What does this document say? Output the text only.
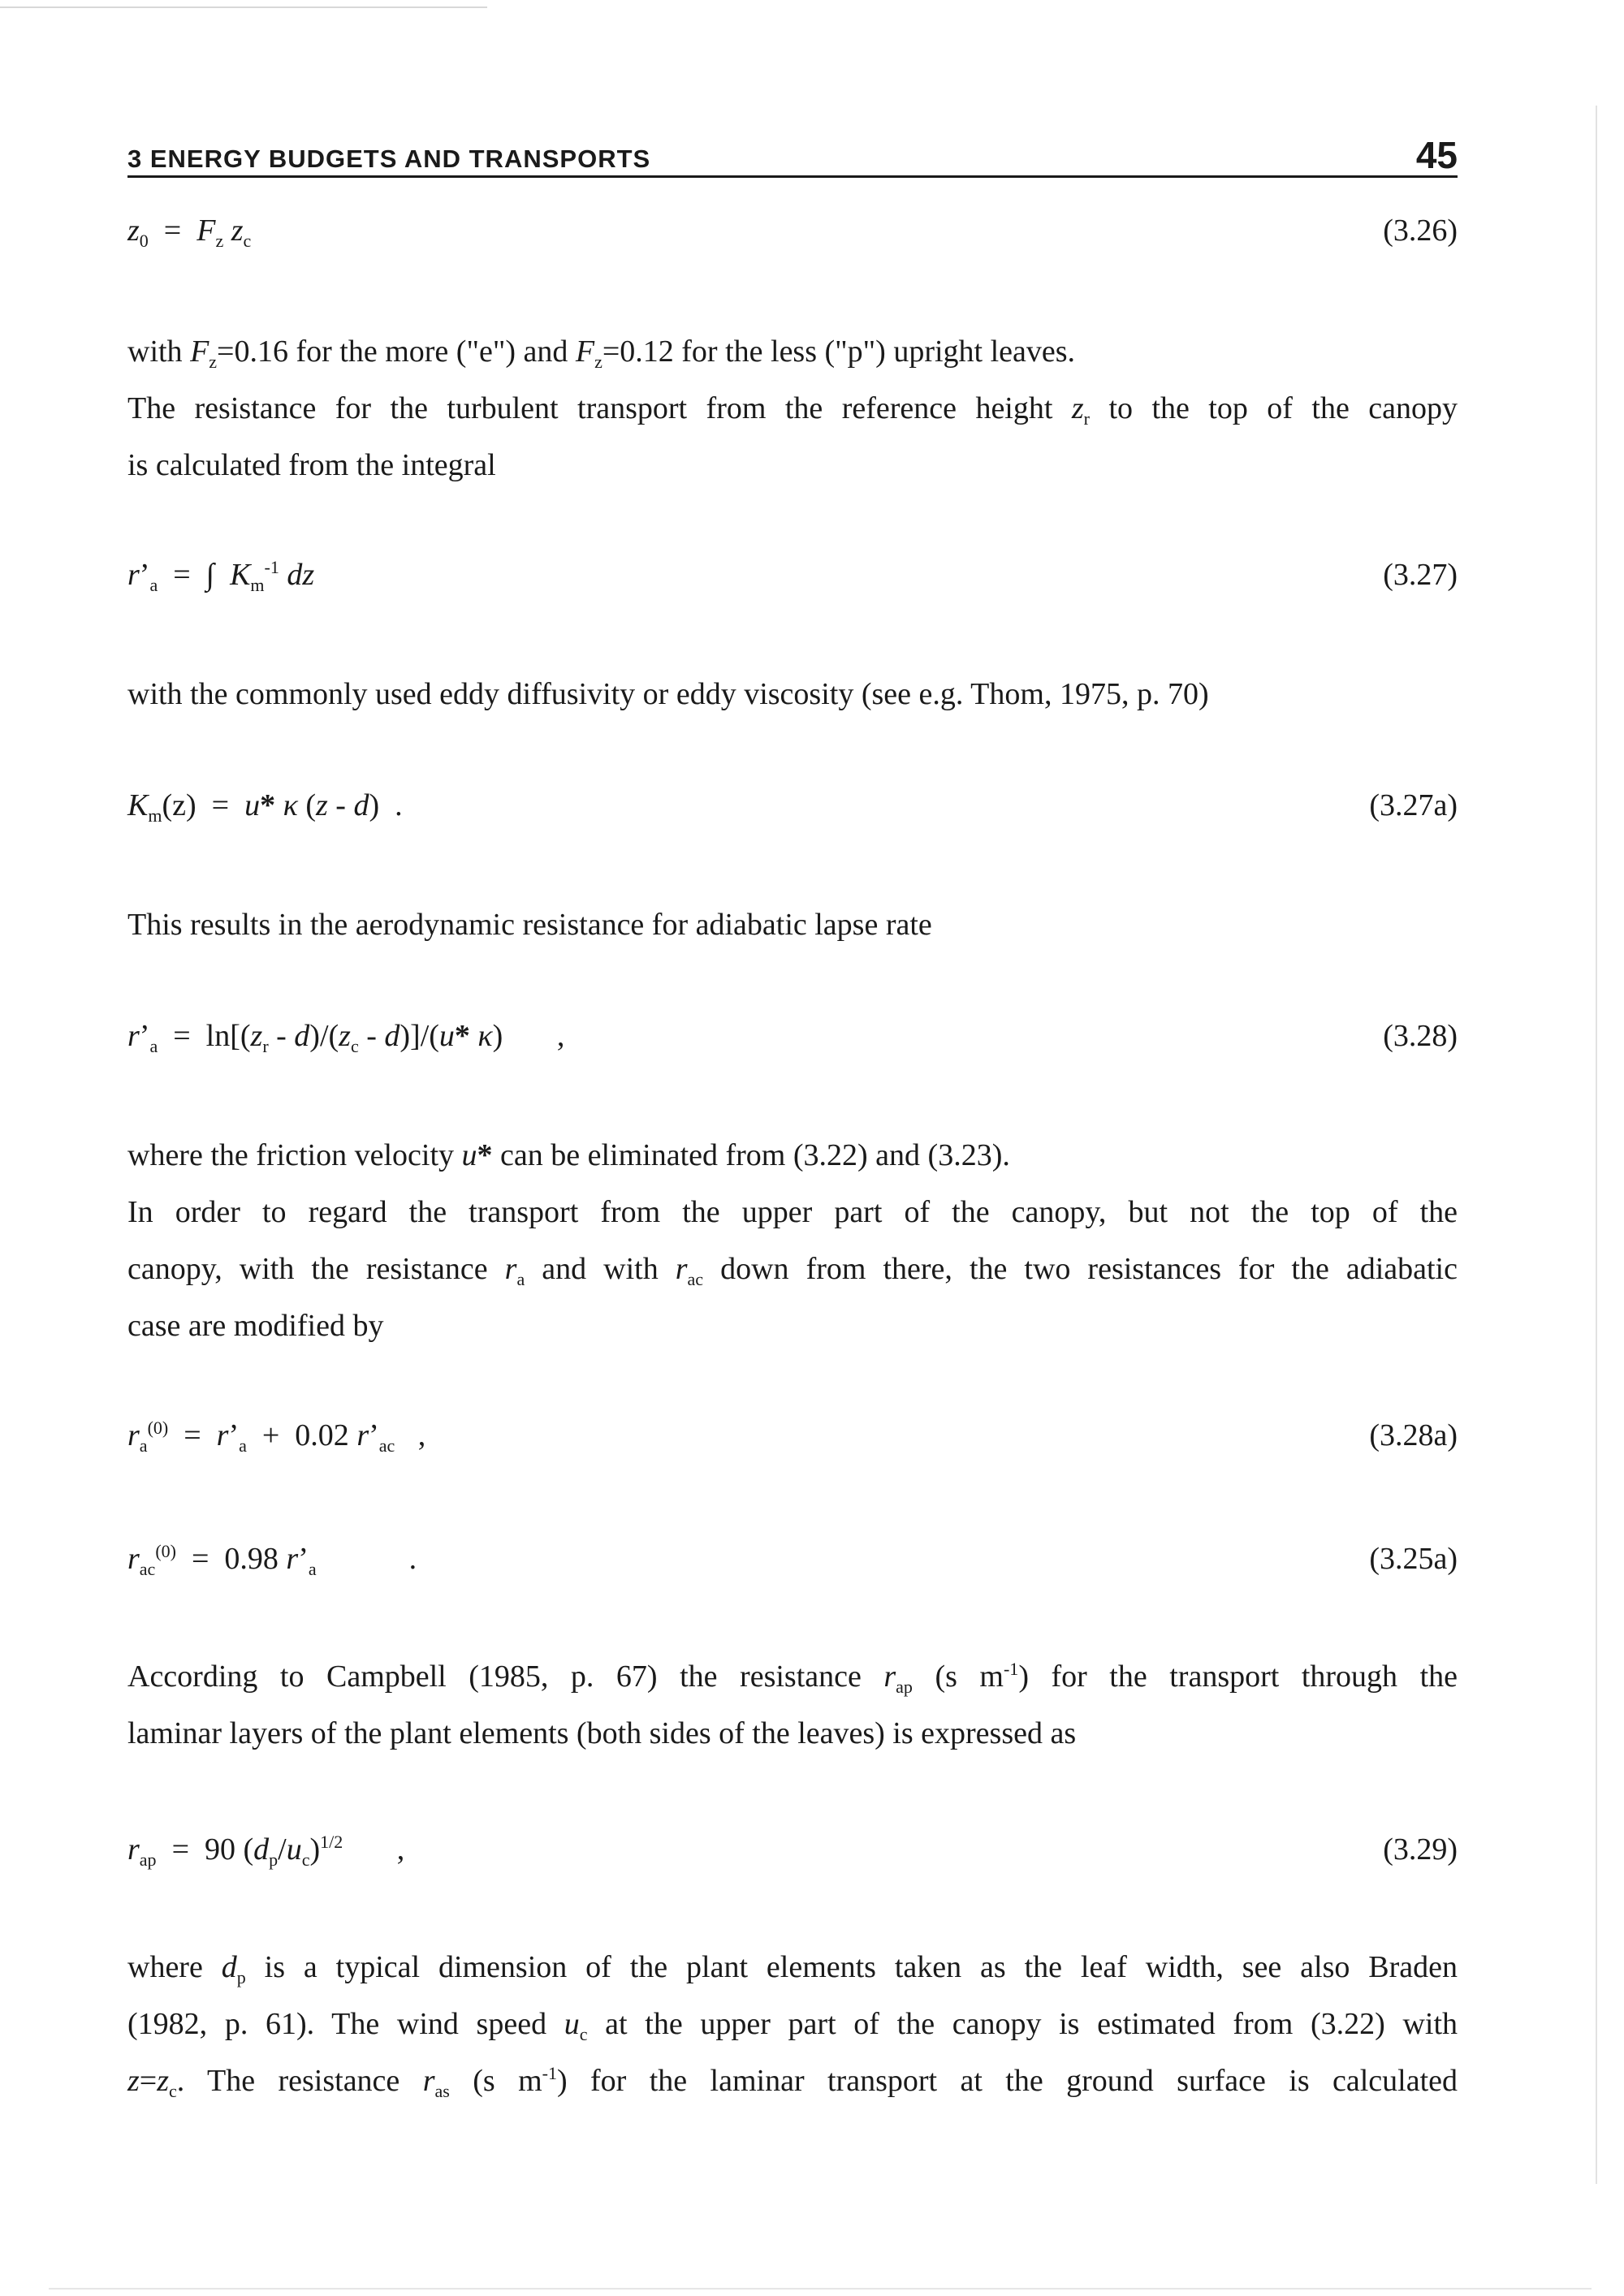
3 ENERGY BUDGETS AND TRANSPORTS	45
$z_0 = F_z$ $z_c$	(3.26)

with $F_z=0.16$ for the more ("e") and $F_z=0.12$ for the less ("p") upright leaves.
The resistance for the turbulent transport from the reference height $z_r$ to the top of the canopy
is calculated from the integral

$r’_a$  =  ∫  $K_m^{-1}$ dz	(3.27)

with the commonly used eddy diffusivity or eddy viscosity (see e.g. Thom, 1975, p. 70)

$K_m(z) = u*$ κ (z - d)  .	(3.27a)

This results in the aerodynamic resistance for adiabatic lapse rate

$r’_a = \ln[(z_r - d)/(z_c - d)]/(u*$ κ)       ,	(3.28)

where the friction velocity u* can be eliminated from (3.22) and (3.23).
In order to regard the transport from the upper part of the canopy, but not the top of the
canopy, with the resistance $r_a$ and with $r_{ac}$ down from there, the two resistances for the adiabatic
case are modified by

$r_a^{(0)}$  =  $r’_a + 0.02$ $r’_{ac}$   ,	(3.28a)
$r_{ac}^{(0)} = 0.98$ $r’_a$            .	(3.25a)

According to Campbell (1985, p. 67) the resistance $r_{ap}$ (s $m^{-1}$) for the transport through the
laminar layers of the plant elements (both sides of the leaves) is expressed as

$r_{ap} = 90$ $(d_p/u_c)^{1/2}$       ,	(3.29)

where $d_p$ is a typical dimension of the plant elements taken as the leaf width, see also Braden
(1982, p. 61). The wind speed $u_c$ at the upper part of the canopy is estimated from (3.22) with
$z=z_c$. The resistance $r_{as}$ (s $m^{-1}$) for the laminar transport at the ground surface is calculated
